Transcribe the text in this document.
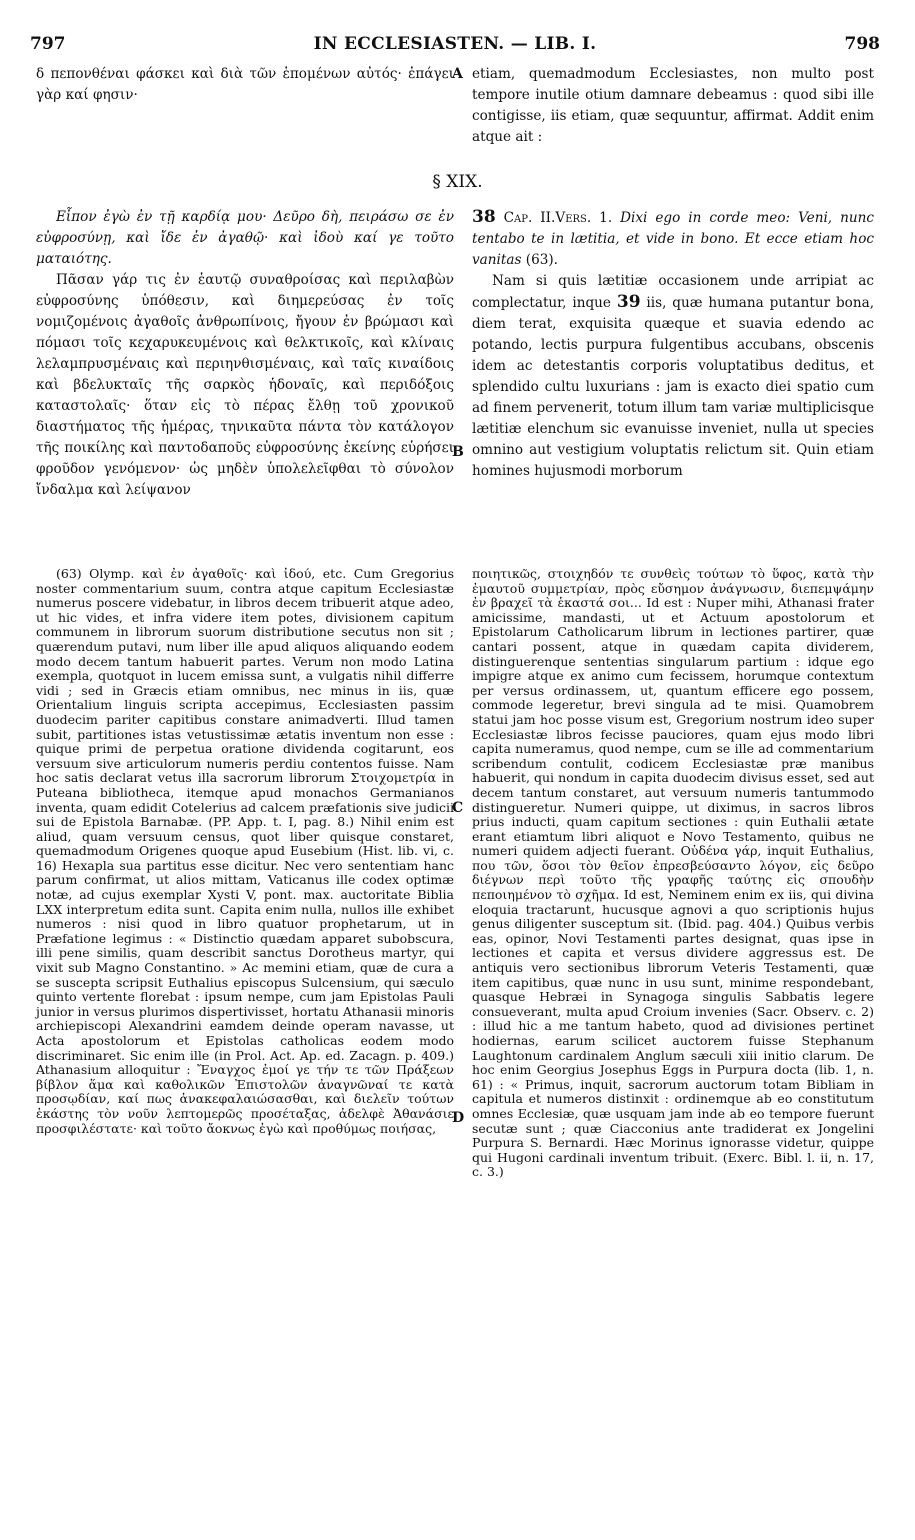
797	IN ECCLESIASTEN. — LIB. I.	798

δ πεπονθέναι φάσκει καὶ διὰ τῶν ἑπομένων αὐτός· ἐπάγει γὰρ καί φησιν·

etiam, quemadmodum Ecclesiastes, non multo post tempore inutile otium damnare debeamus : quod sibi ille contigisse, iis etiam, quæ sequuntur, affirmat. Addit enim atque ait :

§ XIX.

Εἶπον ἐγὼ ἐν τῇ καρδίᾳ μου· Δεῦρο δὴ, πειράσω σε ἐν εὐφροσύνῃ, καὶ ἴδε ἐν ἀγαθῷ· καὶ ἰδοὺ καί γε τοῦτο ματαιότης.

Πᾶσαν γάρ τις ἐν ἑαυτῷ συναθροίσας καὶ περιλαβὼν εὐφροσύνης ὑπόθεσιν, καὶ διημερεύσας ἐν τοῖς νομιζομένοις ἀγαθοῖς ἀνθρωπίνοις, ἤγουν ἐν βρώμασι καὶ πόμασι τοῖς κεχαρυκευμένοις καὶ θελκτικοῖς, καὶ κλίναις λελαμπρυσμέναις καὶ περιηνθισμέναις, καὶ ταῖς κιναίδοις καὶ βδελυκταῖς τῆς σαρκὸς ἡδοναῖς, καὶ περιδόξοις καταστολαῖς· ὅταν εἰς τὸ πέρας ἔλθῃ τοῦ χρονικοῦ διαστήματος τῆς ἡμέρας, τηνικαῦτα πάντα τὸν κατάλογον τῆς ποικίλης καὶ παντοδαποῦς εὐφροσύνης ἐκείνης εὑρήσει φροῦδον γενόμενον· ὡς μηδὲν ὑπολελεῖφθαι τὸ σύνολον ἴνδαλμα καὶ λείψανον

38 Cap. II.Vers. 1. Dixi ego in corde meo: Veni, nunc tentabo te in lætitia, et vide in bono. Et ecce etiam hoc vanitas (63).

Nam si quis lætitiæ occasionem unde arripiat ac complectatur, inque 39 iis, quæ humana putantur bona, diem terat, exquisita quæque et suavia edendo ac potando, lectis purpura fulgentibus accubans, obscenis idem ac detestantis corporis voluptatibus deditus, et splendido cultu luxurians : jam is exacto diei spatio cum ad finem pervenerit, totum illum tam variæ multiplicisque lætitiæ elenchum sic evanuisse inveniet, nulla ut species omnino aut vestigium voluptatis relictum sit. Quin etiam homines hujusmodi morborum

A
B
C
D

(63) Olymp. καὶ ἐν ἀγαθοῖς· καὶ ἰδού, etc. Cum Gregorius noster commentarium suum, contra atque capitum Ecclesiastæ numerus poscere videbatur, in libros decem tribuerit atque adeo, ut hic vides, et infra videre item potes, divisionem capitum communem in librorum suorum distributione secutus non sit ; quærendum putavi, num liber ille apud aliquos aliquando eodem modo decem tantum habuerit partes. Verum non modo Latina exempla, quotquot in lucem emissa sunt, a vulgatis nihil differre vidi ; sed in Græcis etiam omnibus, nec minus in iis, quæ Orientalium linguis scripta accepimus, Ecclesiasten passim duodecim pariter capitibus constare animadverti. Illud tamen subit, partitiones istas vetustissimæ ætatis inventum non esse : quique primi de perpetua oratione dividenda cogitarunt, eos versuum sive articulorum numeris perdiu contentos fuisse. Nam hoc satis declarat vetus illa sacrorum librorum Στοιχομετρία in Puteana bibliotheca, itemque apud monachos Germanianos inventa, quam edidit Cotelerius ad calcem præfationis sive judicii sui de Epistola Barnabæ. (PP. App. t. I, pag. 8.) Nihil enim est aliud, quam versuum census, quot liber quisque constaret, quemadmodum Origenes quoque apud Eusebium (Hist. lib. vi, c. 16) Hexapla sua partitus esse dicitur. Nec vero sententiam hanc parum confirmat, ut alios mittam, Vaticanus ille codex optimæ notæ, ad cujus exemplar Xysti V, pont. max. auctoritate Biblia LXX interpretum edita sunt. Capita enim nulla, nullos ille exhibet numeros : nisi quod in libro quatuor prophetarum, ut in Præfatione legimus : « Distinctio quædam apparet subobscura, illi pene similis, quam describit sanctus Dorotheus martyr, qui vixit sub Magno Constantino. » Ac memini etiam, quæ de cura a se suscepta scripsit Euthalius episcopus Sulcensium, qui sæculo quinto vertente florebat : ipsum nempe, cum jam Epistolas Pauli junior in versus plurimos dispertivisset, hortatu Athanasii minoris archiepiscopi Alexandrini eamdem deinde operam navasse, ut Acta apostolorum et Epistolas catholicas eodem modo discriminaret. Sic enim ille (in Prol. Act. Ap. ed. Zacagn. p. 409.) Athanasium alloquitur : Ἔναγχος ἐμοί γε τήν τε τῶν Πράξεων βίβλον ἅμα καὶ καθολικῶν Ἐπιστολῶν ἀναγνῶναί τε κατὰ προσῳδίαν, καί πως ἀνακεφαλαιώσασθαι, καὶ διελεῖν τούτων ἑκάστης τὸν νοῦν λεπτομερῶς προσέταξας, ἀδελφὲ Ἀθανάσιε προσφιλέστατε· καὶ τοῦτο ἄοκνως ἐγὼ καὶ προθύμως ποιήσας,

ποιητικῶς, στοιχηδόν τε συνθεὶς τούτων τὸ ὕφος, κατὰ τὴν ἐμαυτοῦ συμμετρίαν, πρὸς εὔσημον ἀνάγνωσιν, διεπεμψάμην ἐν βραχεῖ τὰ ἑκαστά σοι... Id est : Nuper mihi, Athanasi frater amicissime, mandasti, ut et Actuum apostolorum et Epistolarum Catholicarum librum in lectiones partirer, quæ cantari possent, atque in quædam capita dividerem, distinguerenque sententias singularum partium : idque ego impigre atque ex animo cum fecissem, horumque contextum per versus ordinassem, ut, quantum efficere ego possem, commode legeretur, brevi singula ad te misi. Quamobrem statui jam hoc posse visum est, Gregorium nostrum ideo super Ecclesiastæ libros fecisse pauciores, quam ejus modo libri capita numeramus, quod nempe, cum se ille ad commentarium scribendum contulit, codicem Ecclesiastæ præ manibus habuerit, qui nondum in capita duodecim divisus esset, sed aut decem tantum constaret, aut versuum numeris tantummodo distingueretur. Numeri quippe, ut diximus, in sacros libros prius inducti, quam capitum sectiones : quin Euthalii ætate erant etiamtum libri aliquot e Novo Testamento, quibus ne numeri quidem adjecti fuerant. Οὐδένα γάρ, inquit Euthalius, που τῶν, ὅσοι τὸν θεῖον ἐπρεσβεύσαντο λόγον, εἰς δεῦρο διέγνων περὶ τοῦτο τῆς γραφῆς ταύτης εἰς σπουδὴν πεποιημένον τὸ σχῆμα. Id est, Neminem enim ex iis, qui divina eloquia tractarunt, hucusque agnovi a quo scriptionis hujus genus diligenter susceptum sit. (Ibid. pag. 404.) Quibus verbis eas, opinor, Novi Testamenti partes designat, quas ipse in lectiones et capita et versus dividere aggressus est. De antiquis vero sectionibus librorum Veteris Testamenti, quæ item capitibus, quæ nunc in usu sunt, minime respondebant, quasque Hebræi in Synagoga singulis Sabbatis legere consueverant, multa apud Croium invenies (Sacr. Observ. c. 2) : illud hic a me tantum habeto, quod ad divisiones pertinet hodiernas, earum scilicet auctorem fuisse Stephanum Laughtonum cardinalem Anglum sæculi xiii initio clarum. De hoc enim Georgius Josephus Eggs in Purpura docta (lib. 1, n. 61) : « Primus, inquit, sacrorum auctorum totam Bibliam in capitula et numeros distinxit : ordinemque ab eo constitutum omnes Ecclesiæ, quæ usquam jam inde ab eo tempore fuerunt secutæ sunt ; quæ Ciacconius ante tradiderat ex Jongelini Purpura S. Bernardi. Hæc Morinus ignorasse videtur, quippe qui Hugoni cardinali inventum tribuit. (Exerc. Bibl. l. ii, n. 17, c. 3.)
